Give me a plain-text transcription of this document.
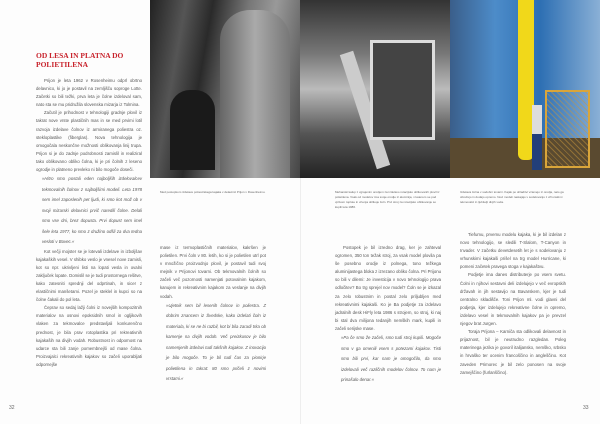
Med postopkom izdelave poliestrskega kajaka v delavnici Prijon v Rosenheimu.	Mehanski kalup z vgrajenim orodjem za izdelavo rotacijsko oblikovanih plovil iz polietilena. Vsak od modelov ima svoje orodje iz aluminija, v katerem se pod vplivom toplote in vrtenja oblikuje čoln. Prvi stroj za rotacijsko oblikovanje so kupili leta 1986.
Izdelava čolna v sodobni tovarni. Kajak po ohladitvi vzamejo iz orodja, nato ga obrežejo in dodajo opremo. Novi modeli nastajajo v sodelovanju z vrhunskimi tekmovalci in ljubitelji divjih voda.
OD LESA IN PLATNA DO POLIETILENA

Prijon je leta 1962 v Rosenheimu odprl obrtno delavnico, ki jo je postavil na zemljišču soproge Lotte. Začetki so bili težki, prva leta je čolne izdeloval sam, nato sta se mu pridružila slovenska mizarja iz Tolmina.

Začutil je prihodnost v tehnologiji gradnje plovil iz takrat nove vrste plastičnih mas in se med prvimi lotil razvoja izdelave čolnov iz armiranega poliestra oz. stekloplastike (fiberglas). Nova tehnologija je omogočala neskončne možnosti oblikovanja linij trupa. Prijon si je do zadnje podrobnosti zamislil in realiziral tako oblikovano obliko čolna, ki je pri čolnih z leseno ogrodje in platneno prevleko ni bilo mogoče doseči.

»Hitro smo postali eden najboljših izdelovalcev tekmovalnih čolnov z najboljšimi modeli. Leta 1978 sem imel zaposlenih pet ljudi, ki smo kot mož ob v svoji mizarski delavnici prvič naredili čolne. Delali smo vse dni, brez dopusta. Prvi dopust sem imel šele leta 1977, ko smo z družino odšli za dva tedna vesloti v Bovec.«

Kot večji mojster se je lotevali izdelave in izboljšav kajakaških vesel. V shibko veslo je vnesel nove zamisli, kot so npr. ukrivljeni listi na lopati vesla in ovalni zaključek lopate. Domislil se je tudi prostornega rešitve, kako zatesniti sprednji del odprtinah, in sicer z elastičnimi manšetami. Pozel je steklel in kupci so na čolne čakali do pol leta.

Čeprav so sedaj lažji čolni iz novejših kompozitnih materialov na osnovi epoksidnih smol in ogljikovih vlaken za tekmovalce predstavljali konkurenčno prednost, je bila prav rotoplastika pri rekreativnih kajakaših na divjih vodah. Robustnost in odpornost na udarce sta bili zanje pomembnejši od mase čolna. Proizvajalci rekreativnih kajakov so začeli uporabljati odpornejše

mase iz termoplastičnih materialov, kakršen je polietilen. Prvi čoln v 80. letih, ko si je polietilen utrl pot v množično proizvodnjo plovil, je postavil tudi svoj mejnik v Prijonovi tovarni. Ob tekmovalnih čolnih so začeli več pozornosti namenjati potovalnim kajakom, kanujem in rekreativnim kajakom za veslanje na divjih vodah.

»Ujetnik sem bil lesenih čolnov in poliestra. Z dobrim znancem iz Švedske, kako izdelati čoln iz materiala, ki se ne bi razbil, kot bi bila zaradi trka ob kamenje na divjih vodah. Več preizkusov je bilo namenjenih izdelavi tudi takšnih kajakov. Z inovacijo je bilo mogoče. To je bil tudi čas za pionirje polietilena in takrat: 80 smo pričeli z novimi vrstami.«

Postopek je bil izredno drag, ker je zahteval ogromen, 350 ton težak stroj, za vsak model plovila pa še posebno orodje iz polnega, tono težkega aluminijastega bloka z izrezano obliko čolna. Pri Prijonu so bili v dilemi: Je investicija v novo tehnologijo prava odločitev? Bo trg sprejel nov model? Čoln se je izkazal za zelo robustnim in postal zelo priljubljen med rekreativnimi kajakaši. Ko je Ba podjetje za izdelavo jadralnih desk HiFly leta 1986 s strojem, so stroj, ki naj bi stal dva milijona tedanjih nemških mark, kupili in začeli serijske mase.

»Pa če smo že začeli, smo tudi stroj kupili. Mogoče smo v ga omenili vsem s potezami kajakov. Tisti smo bili prvi, kar nam je omogočilo, da smo izdelovali več različnih modelov čolnov. To nam je prinašalo denar.«

Tiefumu, prvemu modelu kajaka, ki je bil izdelan z novo tehnologijo, se sledili T-Slalom, T-Canyon in Invader. V začetku devetdesetih let je s sodelovanju z vrhunskimi kajakaši prišel na trg model Hurricane, ki pomeni začetek pravega stoga v kajakaštvu.

Podjetje ima danes distributerje po vsem svetu. Čolni in njihovi sestavni deli izdelujejo v več evropskih državah in jih sestavijo na Bavarskem, kjer je tudi centralno skladišče. Toni Prijon ml. vodi glavni del podjetja, kjer izdelujejo rekreativne čolne in opremo, izdelavo vesel in tekmovalnih kajakov pa je prevzel njegov brat Jurgen.

Toraja Prijona – Karniča sta odlikovali delavnost in prijaznost, bil je neutrudno razgledan. Poleg materinega jezika je govoril italijansko, nemško, srbsko in hrvaško ter ocenim francoščino in angleščino. Kot zaveden Primorec je bil zelo ponosen na svoje zamejščino (furlanščino).

32	33
